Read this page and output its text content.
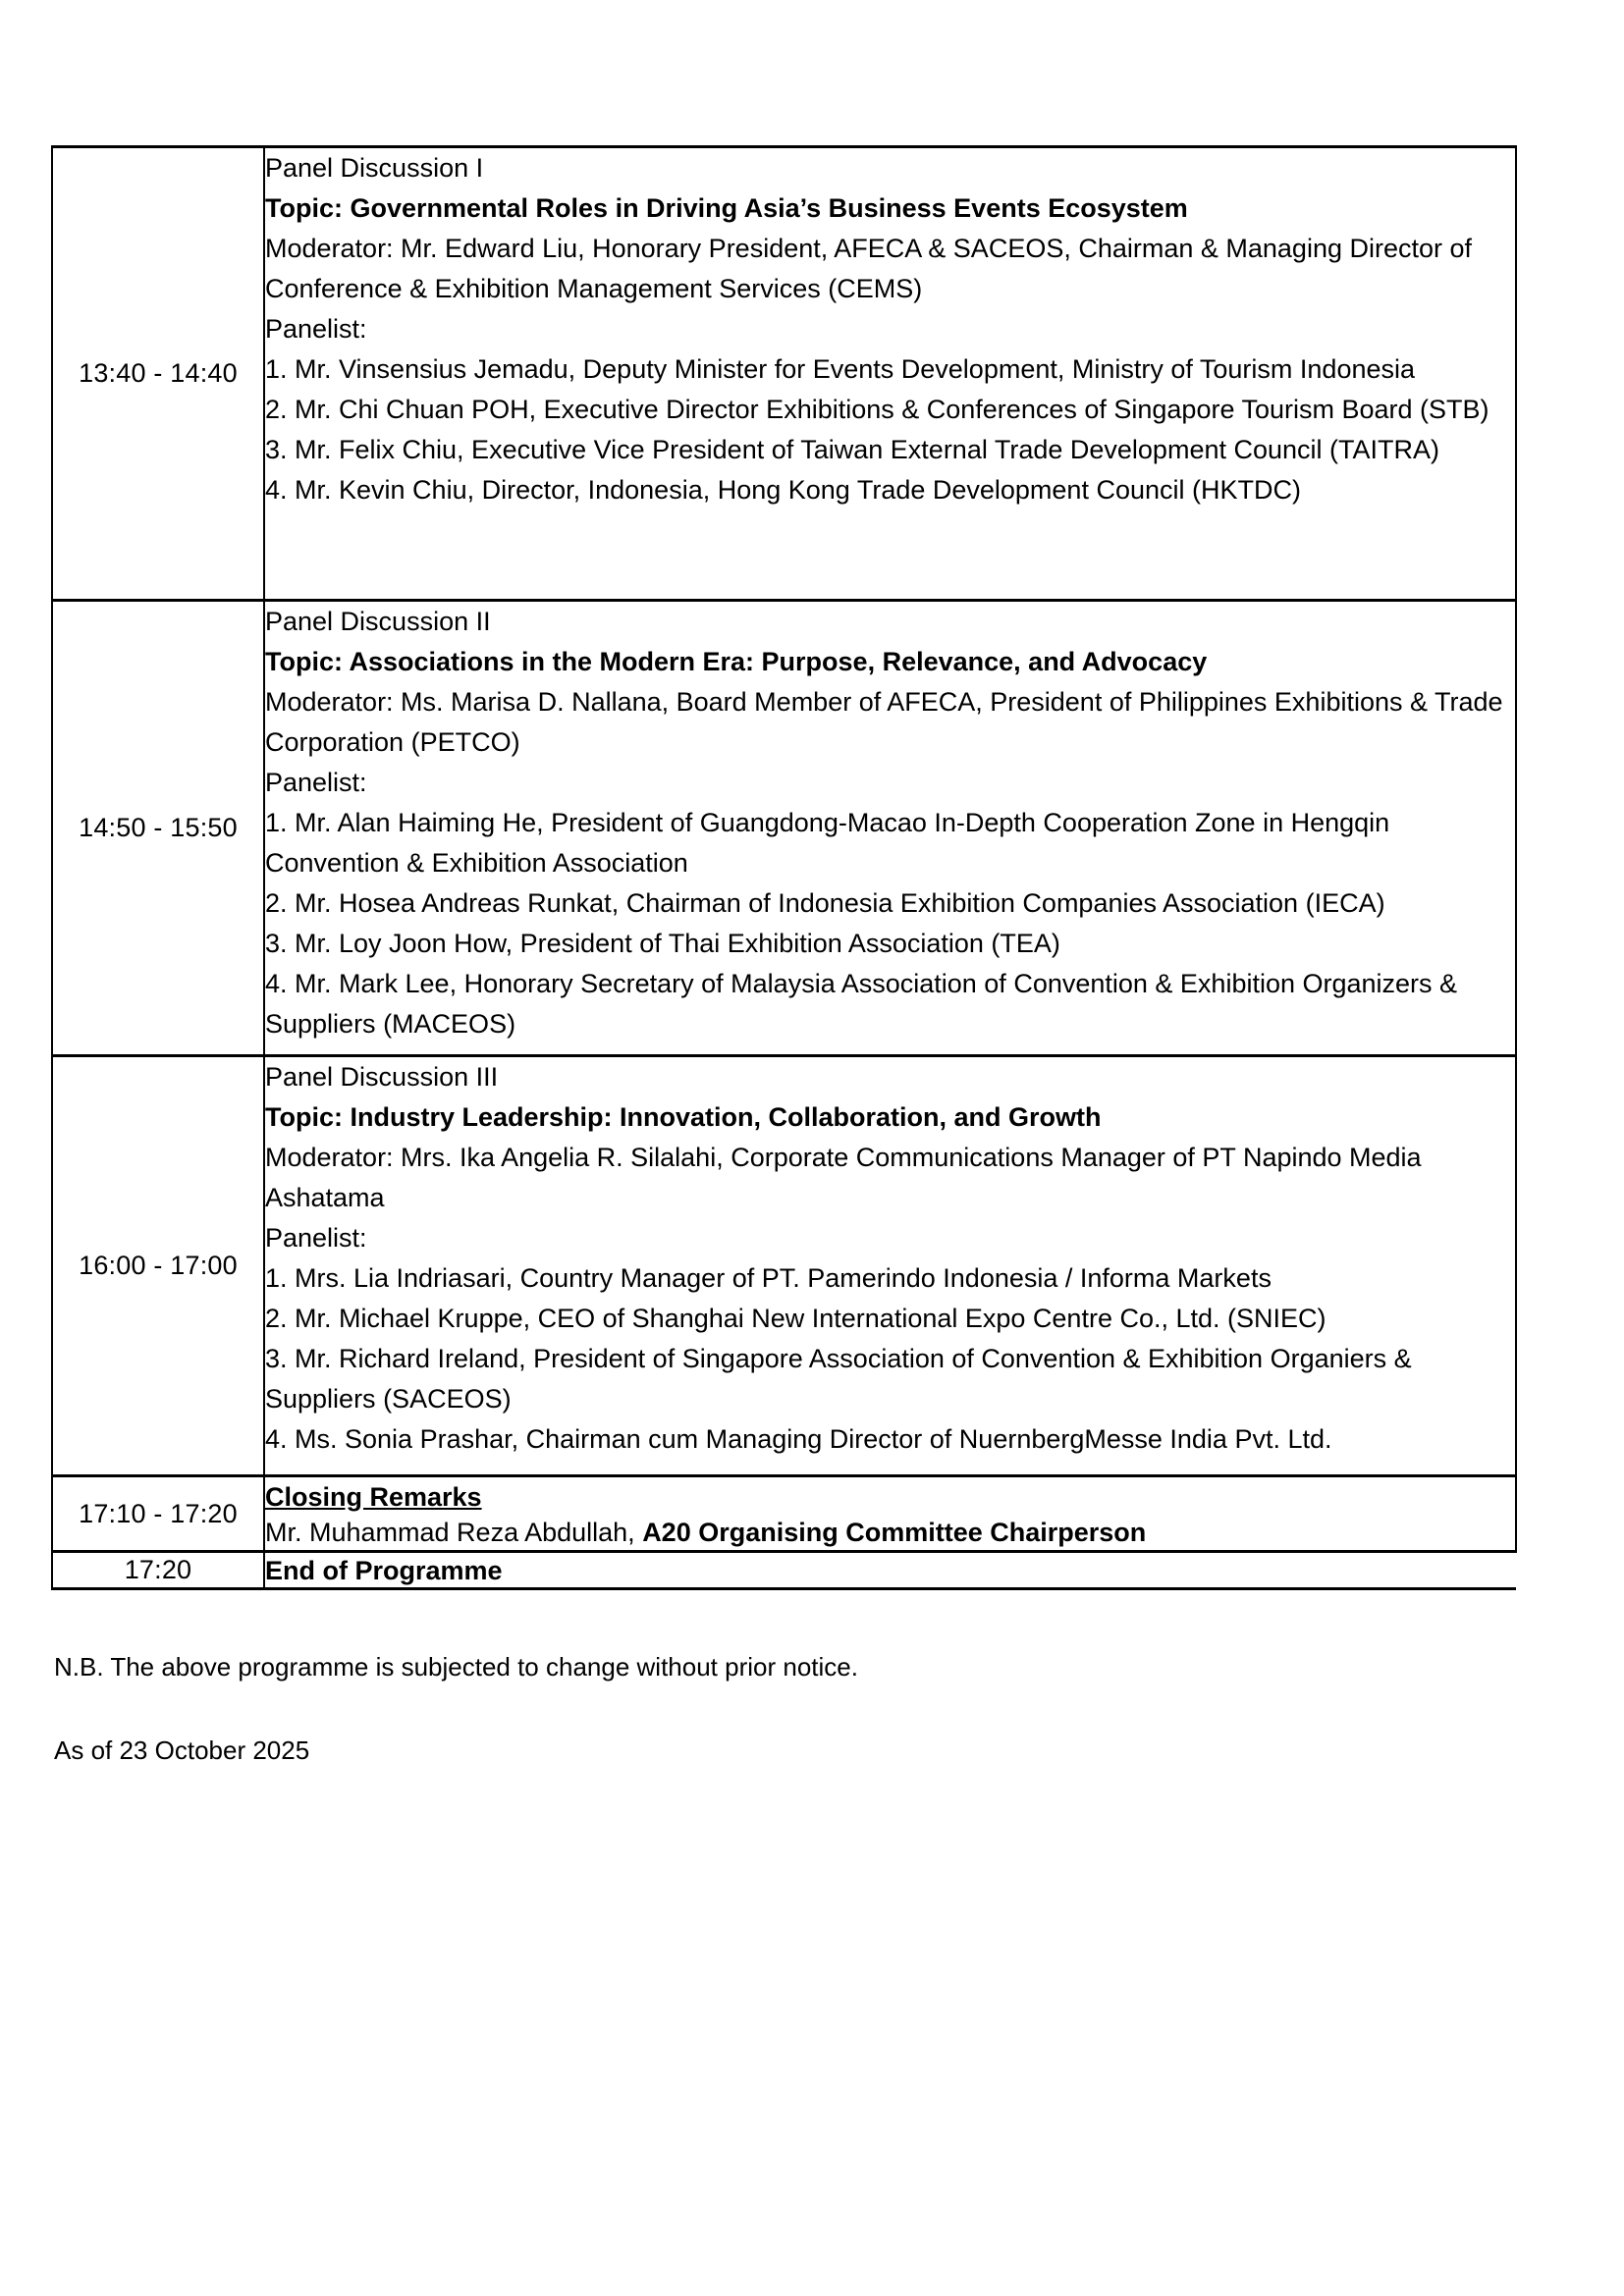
13:40 - 14:40	
Panel Discussion I
Topic: Governmental Roles in Driving Asia’s Business Events Ecosystem
Moderator: Mr. Edward Liu, Honorary President, AFECA & SACEOS, Chairman & Managing Director of
Conference & Exhibition Management Services (CEMS)
Panelist:
1. Mr. Vinsensius Jemadu, Deputy Minister for Events Development, Ministry of Tourism Indonesia
2. Mr. Chi Chuan POH, Executive Director Exhibitions & Conferences of Singapore Tourism Board (STB)
3. Mr. Felix Chiu, Executive Vice President of Taiwan External Trade Development Council (TAITRA)
4. Mr. Kevin Chiu, Director, Indonesia, Hong Kong Trade Development Council (HKTDC)

14:50 - 15:50	
Panel Discussion II
Topic: Associations in the Modern Era: Purpose, Relevance, and Advocacy
Moderator: Ms. Marisa D. Nallana, Board Member of AFECA, President of Philippines Exhibitions & Trade
Corporation (PETCO)
Panelist:
1. Mr. Alan Haiming He, President of Guangdong-Macao In-Depth Cooperation Zone in Hengqin
Convention & Exhibition Association
2. Mr. Hosea Andreas Runkat, Chairman of Indonesia Exhibition Companies Association (IECA)
3. Mr. Loy Joon How, President of Thai Exhibition Association (TEA)
4. Mr. Mark Lee, Honorary Secretary of Malaysia Association of Convention & Exhibition Organizers &
Suppliers (MACEOS)

16:00 - 17:00	
Panel Discussion III
Topic: Industry Leadership: Innovation, Collaboration, and Growth
Moderator: Mrs. Ika Angelia R. Silalahi, Corporate Communications Manager of PT Napindo Media
Ashatama
Panelist:
1. Mrs. Lia Indriasari, Country Manager of PT. Pamerindo Indonesia / Informa Markets
2. Mr. Michael Kruppe, CEO of Shanghai New International Expo Centre Co., Ltd. (SNIEC)
3. Mr. Richard Ireland, President of Singapore Association of Convention & Exhibition Organiers &
Suppliers (SACEOS)
4. Ms. Sonia Prashar, Chairman cum Managing Director of NuernbergMesse India Pvt. Ltd.

17:10 - 17:20	Closing Remarks
Mr. Muhammad Reza Abdullah, A20 Organising Committee Chairperson

17:20	End of Programme
N.B. The above programme is subjected to change without prior notice.
As of 23 October 2025
